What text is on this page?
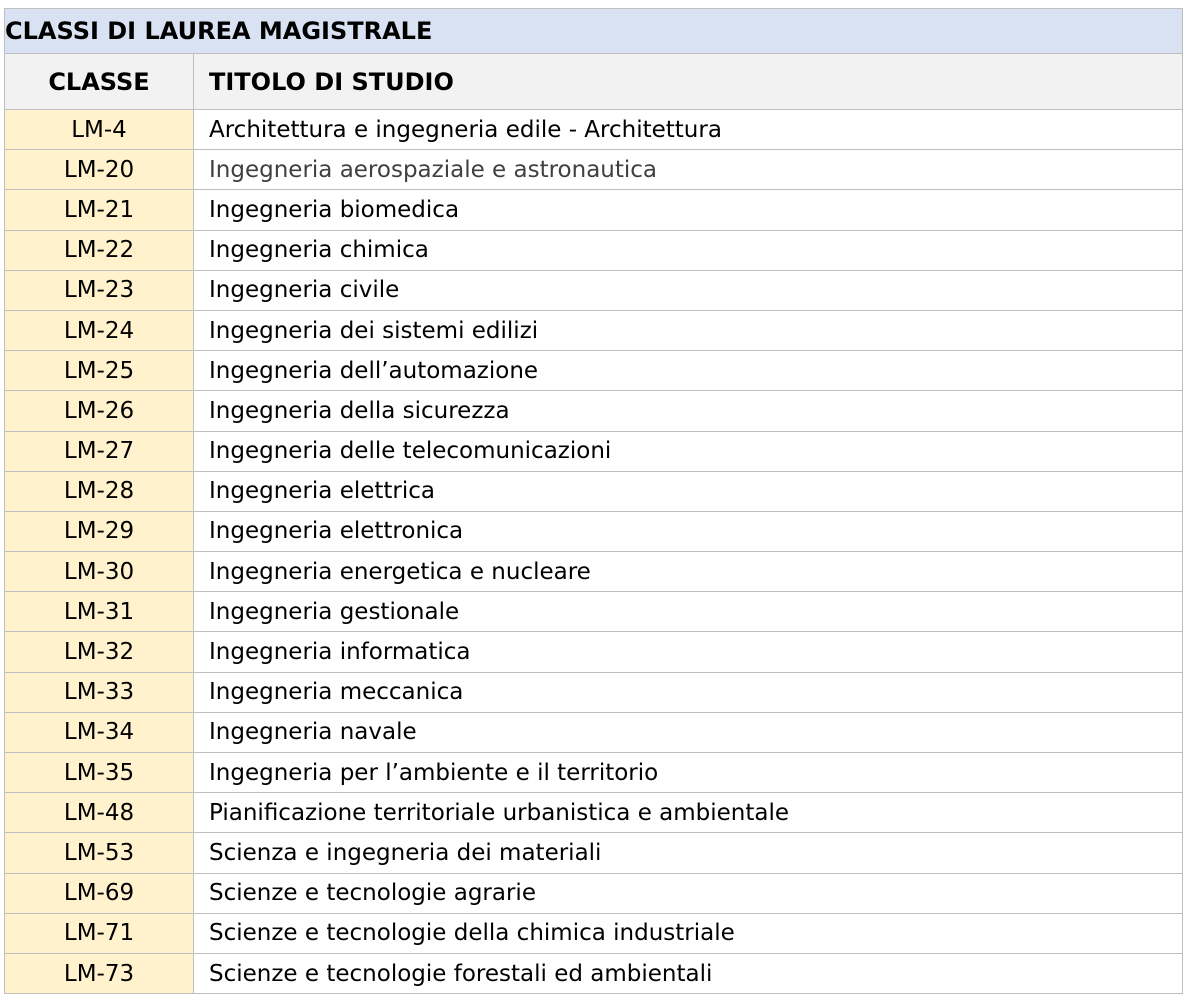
CLASSI DI LAUREA MAGISTRALE	
CLASSE	TITOLO DI STUDIO
LM-4	Architettura e ingegneria edile - Architettura
LM-20	Ingegneria aerospaziale e astronautica
LM-21	Ingegneria biomedica
LM-22	Ingegneria chimica
LM-23	Ingegneria civile
LM-24	Ingegneria dei sistemi edilizi
LM-25	Ingegneria dell’automazione
LM-26	Ingegneria della sicurezza
LM-27	Ingegneria delle telecomunicazioni
LM-28	Ingegneria elettrica
LM-29	Ingegneria elettronica
LM-30	Ingegneria energetica e nucleare
LM-31	Ingegneria gestionale
LM-32	Ingegneria informatica
LM-33	Ingegneria meccanica
LM-34	Ingegneria navale
LM-35	Ingegneria per l’ambiente e il territorio
LM-48	Pianificazione territoriale urbanistica e ambientale
LM-53	Scienza e ingegneria dei materiali
LM-69	Scienze e tecnologie agrarie
LM-71	Scienze e tecnologie della chimica industriale
LM-73	Scienze e tecnologie forestali ed ambientali
